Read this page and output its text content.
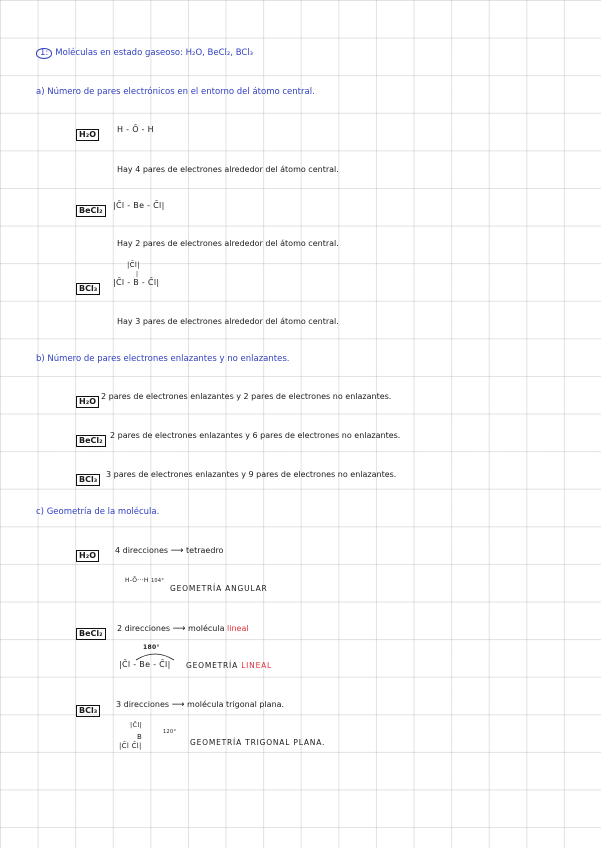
1: Moléculas en estado gaseoso: H₂O, BeCl₂, BCl₃
a) Número de pares electrónicos en el entorno del átomo central.
H₂O
H - Ō - H
Hay 4 pares de electrones alrededor del átomo central.
BeCl₂
|C̄l - Be - C̄l|
Hay 2 pares de electrones alrededor del átomo central.
|C̄l|
|
BCl₃
|C̄l - B - C̄l|
Hay 3 pares de electrones alrededor del átomo central.
b) Número de pares electrones enlazantes y no enlazantes.
H₂O
2 pares de electrones enlazantes y 2 pares de electrones no enlazantes.
BeCl₂
2 pares de electrones enlazantes y 6 pares de electrones no enlazantes.
BCl₃
3 pares de electrones enlazantes y 9 pares de electrones no enlazantes.
c) Geometría de la molécula.
H₂O
4 direcciones ⟶ tetraedro
H-Ō···H 104°
GEOMETRÍA ANGULAR
BeCl₂
2 direcciones ⟶ molécula lineal
180°
|C̄l - Be - C̄l| GEOMETRÍA LINEAL
BCl₃
3 direcciones ⟶ molécula trigonal plana.
|C̄l|
120°
B
|C̄l C̄l|	GEOMETRÍA TRIGONAL PLANA.
